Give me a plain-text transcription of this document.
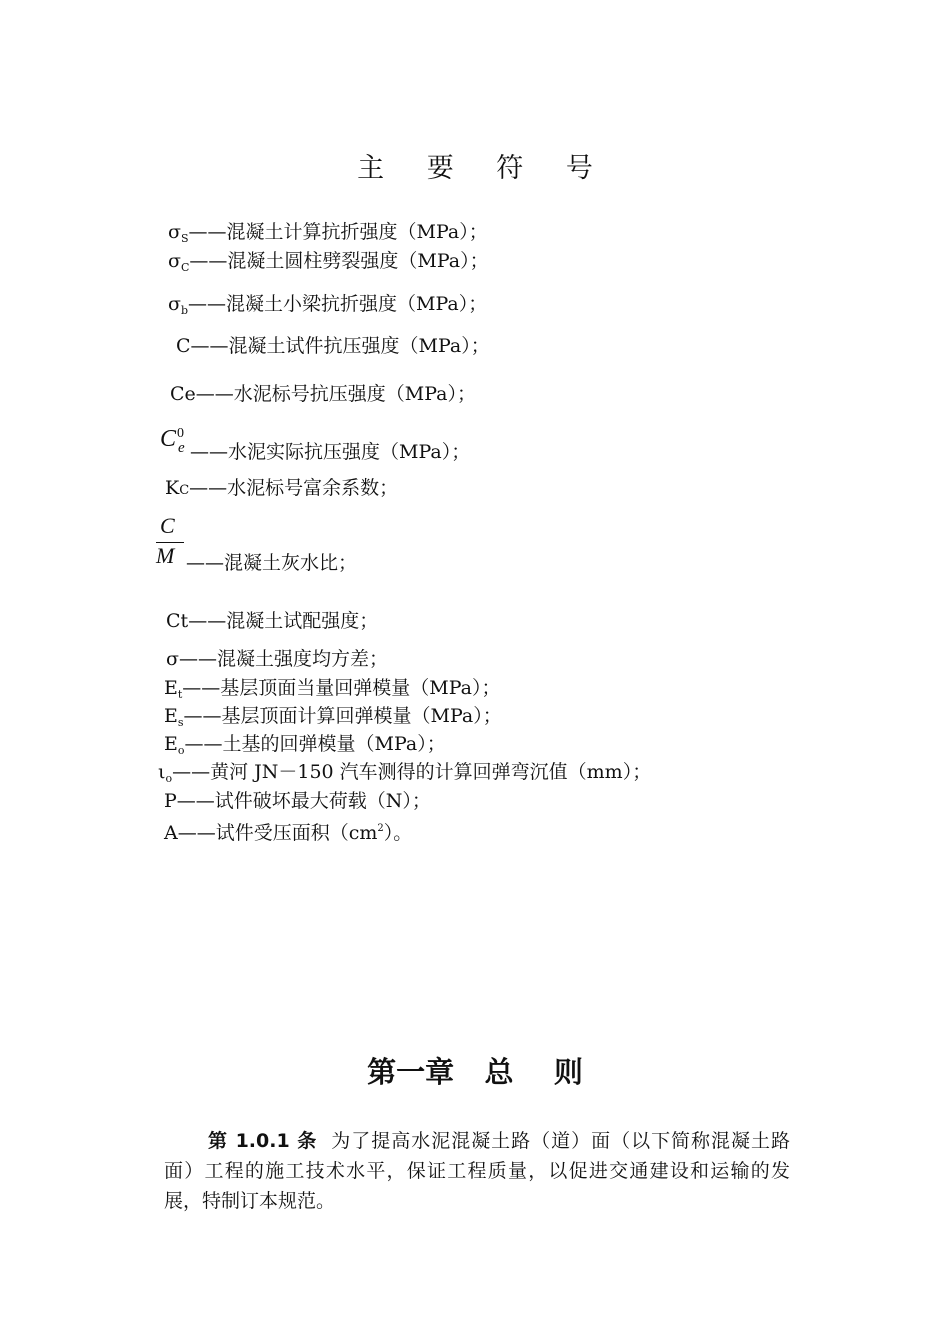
主 要 符 号
$\sigma_S——$混凝土计算抗折强度（MPa）；
$\sigma_C——$混凝土圆柱劈裂强度（MPa）；
$\sigma_b——$混凝土小梁抗折强度（MPa）；
C——混凝土试件抗压强度（MPa）；
Ce——水泥标号抗压强度（MPa）；
C 0
e ——水泥实际抗压强度（MPa）；
KC——水泥标号富余系数；
C
M ——混凝土灰水比；
Ct——混凝土试配强度；
σ——混凝土强度均方差；
$E_t——$基层顶面当量回弹模量（MPa）；
$E_s——$基层顶面计算回弹模量（MPa）；
$E_o——$土基的回弹模量（MPa）；
$\iota_o——$黄河 JN－150 汽车测得的计算回弹弯沉值（mm）；
P——试件破坏最大荷载（N）；
A——试件受压面积$(cm^2)$。
第一章   总    则
第 1.0.1 条 为了提高水泥混凝土路（道）面（以下简称混凝土路面）工程的施工技术水平，保证工程质量，以促进交通建设和运输的发展，特制订本规范。
